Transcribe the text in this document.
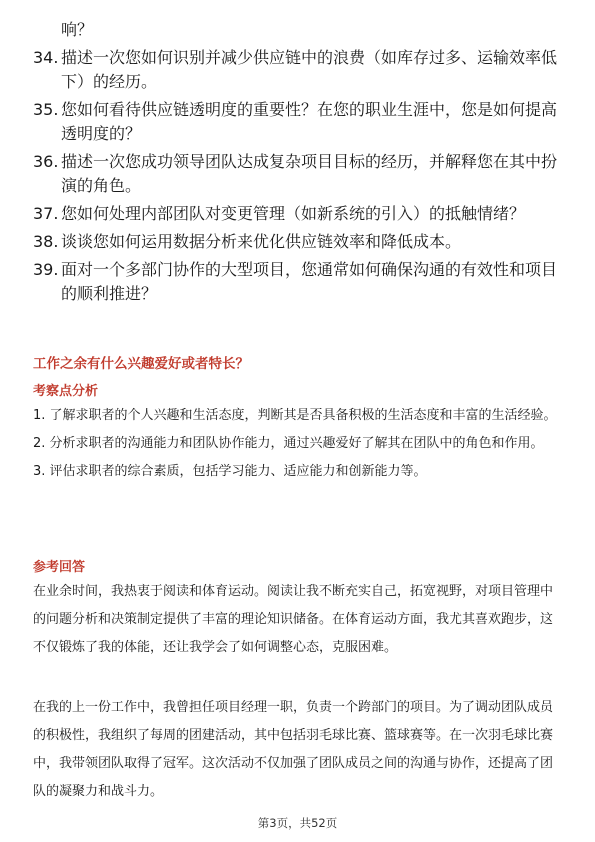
响？
34. 描述一次您如何识别并减少供应链中的浪费（如库存过多、运输效率低下）的经历。
35. 您如何看待供应链透明度的重要性？在您的职业生涯中，您是如何提高透明度的？
36. 描述一次您成功领导团队达成复杂项目目标的经历，并解释您在其中扮演的角色。
37. 您如何处理内部团队对变更管理（如新系统的引入）的抵触情绪？
38. 谈谈您如何运用数据分析来优化供应链效率和降低成本。
39. 面对一个多部门协作的大型项目，您通常如何确保沟通的有效性和项目的顺利推进？
工作之余有什么兴趣爱好或者特长？
考察点分析
1. 了解求职者的个人兴趣和生活态度，判断其是否具备积极的生活态度和丰富的生活经验。
2. 分析求职者的沟通能力和团队协作能力，通过兴趣爱好了解其在团队中的角色和作用。
3. 评估求职者的综合素质，包括学习能力、适应能力和创新能力等。
参考回答
在业余时间，我热衷于阅读和体育运动。阅读让我不断充实自己，拓宽视野，对项目管理中的问题分析和决策制定提供了丰富的理论知识储备。在体育运动方面，我尤其喜欢跑步，这不仅锻炼了我的体能，还让我学会了如何调整心态，克服困难。
在我的上一份工作中，我曾担任项目经理一职，负责一个跨部门的项目。为了调动团队成员的积极性，我组织了每周的团建活动，其中包括羽毛球比赛、篮球赛等。在一次羽毛球比赛中，我带领团队取得了冠军。这次活动不仅加强了团队成员之间的沟通与协作，还提高了团队的凝聚力和战斗力。
第3页，共52页
